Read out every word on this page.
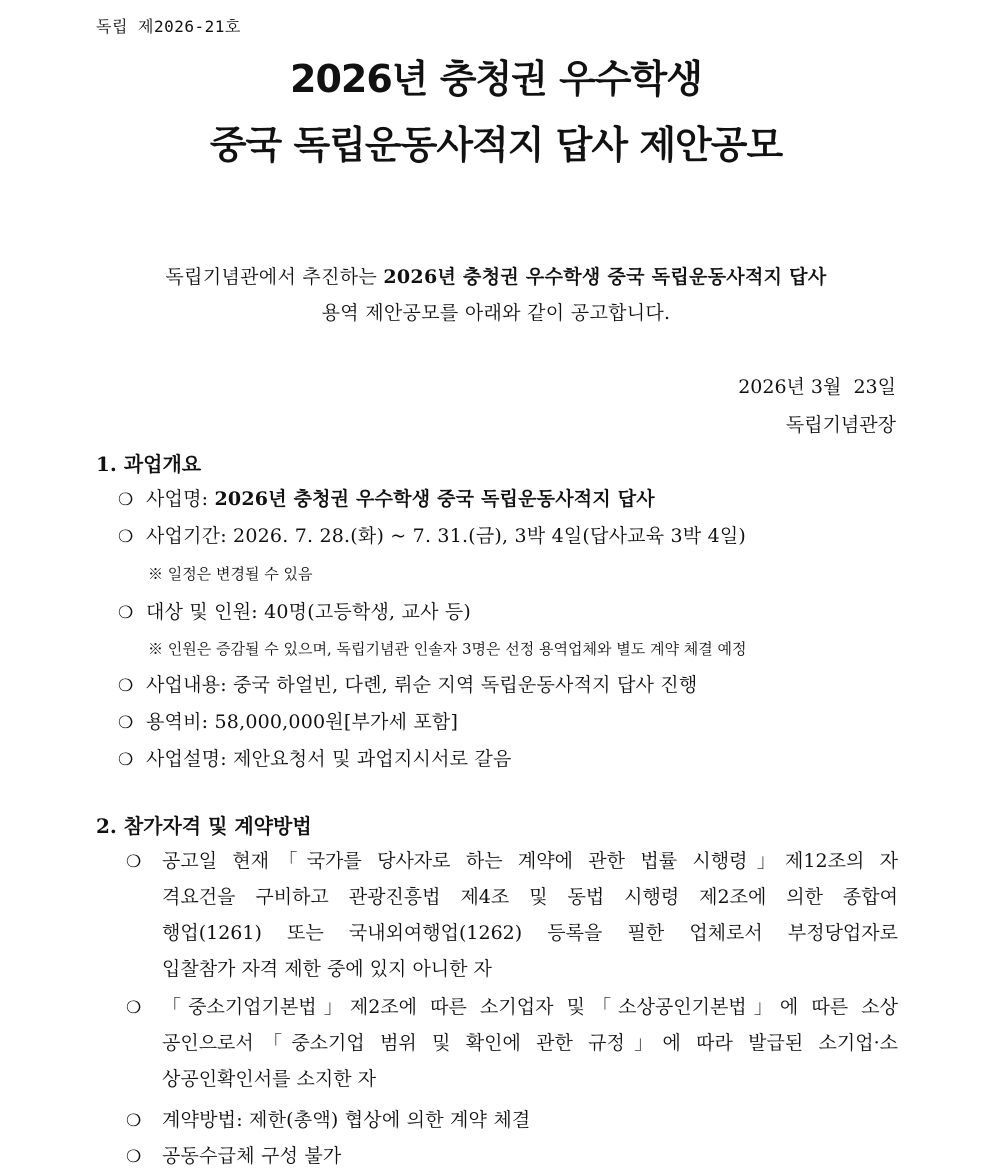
독립 제2026-21호
2026년 충청권 우수학생
중국 독립운동사적지 답사 제안공모
독립기념관에서 추진하는 2026년 충청권 우수학생 중국 독립운동사적지 답사
용역 제안공모를 아래와 같이 공고합니다.
2026년 3월  23일
독립기념관장
1. 과업개요
❍ 사업명: 2026년 충청권 우수학생 중국 독립운동사적지 답사
❍ 사업기간: 2026. 7. 28.(화) ~ 7. 31.(금), 3박 4일(답사교육 3박 4일)
※ 일정은 변경될 수 있음
❍ 대상 및 인원: 40명(고등학생, 교사 등)
※ 인원은 증감될 수 있으며, 독립기념관 인솔자 3명은 선정 용역업체와 별도 계약 체결 예정
❍ 사업내용: 중국 하얼빈, 다롄, 뤼순 지역 독립운동사적지 답사 진행
❍ 용역비: 58,000,000원[부가세 포함]
❍ 사업설명: 제안요청서 및 과업지시서로 갈음
2. 참가자격 및 계약방법
❍	공고일 현재「국가를 당사자로 하는 계약에 관한 법률 시행령」제12조의 자
격요건을 구비하고 관광진흥법 제4조 및 동법 시행령 제2조에 의한 종합여
행업(1261) 또는 국내외여행업(1262) 등록을 필한 업체로서 부정당업자로
입찰참가 자격 제한 중에 있지 아니한 자
❍	「중소기업기본법」제2조에 따른 소기업자 및「소상공인기본법」에 따른 소상
공인으로서「중소기업 범위 및 확인에 관한 규정」에 따라 발급된 소기업·소
상공인확인서를 소지한 자
❍ 계약방법: 제한(총액) 협상에 의한 계약 체결
❍ 공동수급체 구성 불가
